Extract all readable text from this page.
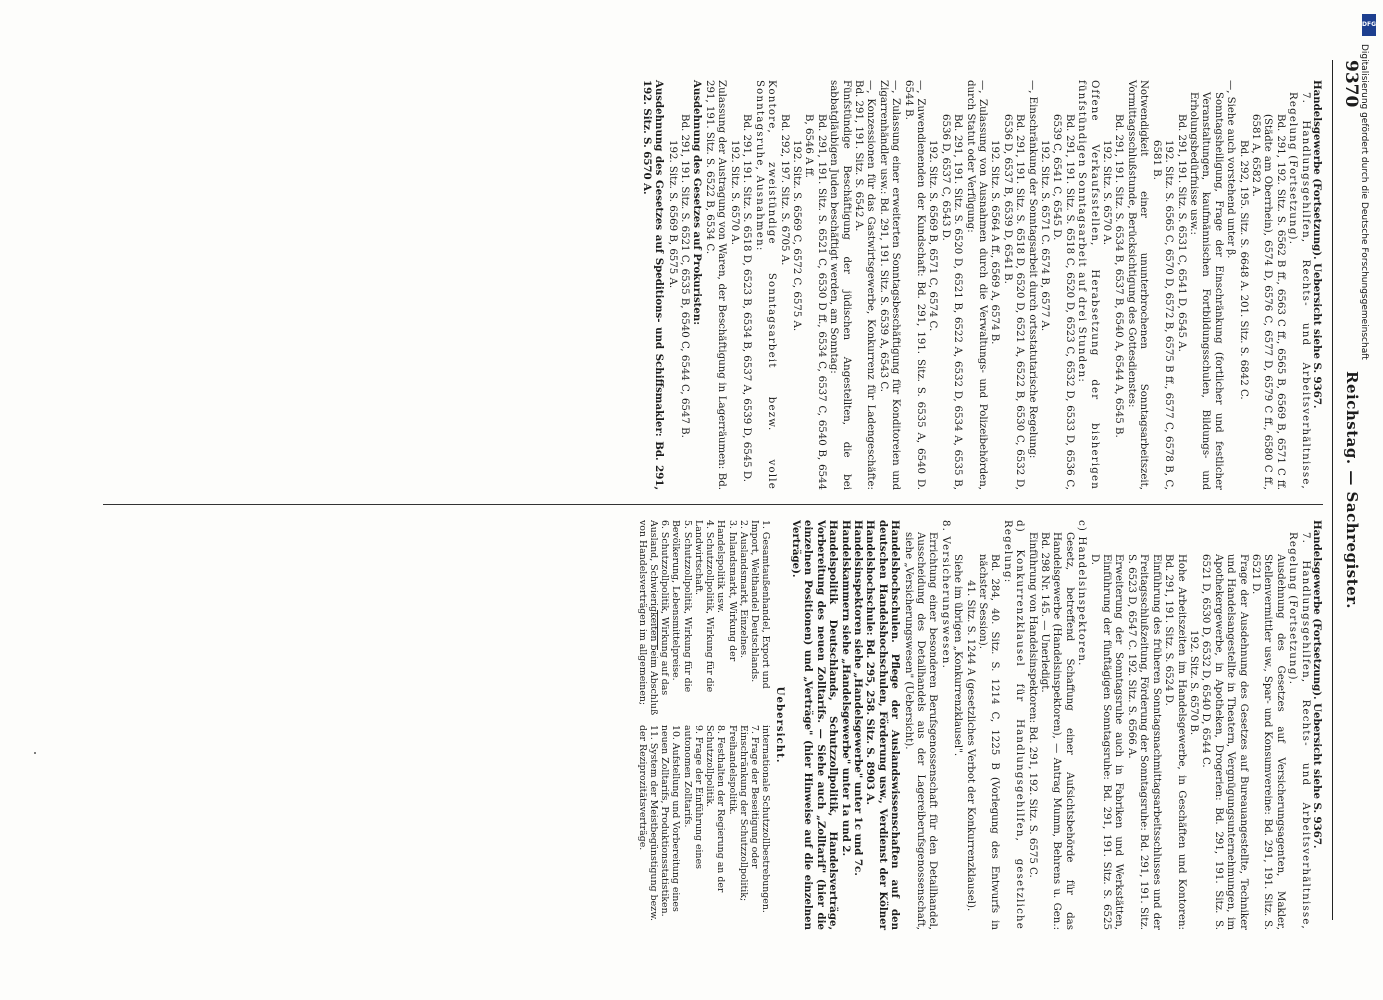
DFG
Digitalisierung gefördert durch die Deutsche Forschungsgemeinschaft
9370
Reichstag. — Sachregister.

Handelsgewerbe (Fortsetzung). Uebersicht siehe S. 9367.

7. Handlungsgehilfen, Rechts- und Arbeitsverhältnisse, Regelung (Fortsetzung).

Bd. 291, 192. Sitz. S. 6562 B ff., 6563 C ff., 6565 B, 6569 B, 6571 C ff. (Städte am Oberrhein), 6574 D, 6576 C, 6577 D, 6579 C ff., 6580 C ff., 6581 A, 6582 A.

Bd. 292, 195. Sitz. S. 6648 A. 201. Sitz. S. 6842 C.

—, Siehe auch vorstehend unter β.

Sonntagsheiligung, Frage der Einschränkung (fortlicher und festlicher Veranstaltungen, kaufmännischen Fortbildungsschulen, Bildungs- und Erholungsbedürfnisse usw.:

Bd. 291, 191. Sitz. S. 6531 C, 6541 D, 6545 A.

192. Sitz. S. 6565 C, 6570 D, 6572 B, 6575 B ff., 6577 C, 6578 B, C, 6581 B.

Notwendigkeit einer ununterbrochenen Sonntagsarbeitszeit, Vormittagsschlußstunde, Berücksichtigung des Gottesdienstes:

Bd. 291, 191. Sitz. S. 6534 B, 6537 B, 6540 A, 6544 A, 6545 B.

192. Sitz. S. 6570 A.

Offene Verkaufsstellen, Herabsetzung der bisherigen fünfstündigen Sonntagsarbeit auf drei Stunden:

Bd. 291, 191. Sitz. S. 6518 C, 6520 D, 6523 C, 6532 D, 6533 D, 6536 C, 6539 C, 6541 C, 6545 D.

192. Sitz. S. 6571 C. 6574 B, 6577 A.

—, Einschränkung der Sonntagsarbeit durch ortsstatutarische Regelung:

Bd. 291, 191. Sitz. S. 6518 D, 6520 D, 6521 A, 6522 B, 6530 C, 6532 D, 6536 D, 6537 B, 6539 D, 6541 B.

192. Sitz. S. 6564 A ff., 6569 A, 6574 B.

—, Zulassung von Ausnahmen durch die Verwaltungs- und Polizeibehörden, durch Statut oder Verfügung:

Bd. 291, 191. Sitz. S. 6520 D, 6521 B, 6522 A, 6532 D, 6534 A, 6535 B, 6536 D, 6537 C, 6543 D.

192. Sitz. S. 6569 B, 6571 C, 6574 C.

—, Zuwendienenden der Kundschaft: Bd. 291, 191. Sitz. S. 6535 A, 6540 D. 6544 B.

—, Zulassung einer erweiterten Sonntagsbeschäftigung für Konditoreien und Zigarrenhändler usw.: Bd. 291, 191. Sitz. S. 6539 A, 6543 C.

—, Konzessionen für das Gastwirtsgewerbe, Konkurrenz für Ladengeschäfte: Bd. 291, 191. Sitz. S. 6542 A.

Fünfstündige Beschäftigung der jüdischen Angestellten, die bei sabbatgläubigen Juden beschäftigt werden, am Sonntag:

Bd. 291, 191. Sitz. S. 6521 C, 6530 D ff., 6534 C, 6537 C, 6540 B, 6544 B, 6546 A ff.

192. Sitz. S. 6569 C, 6572 C, 6575 A.

Bd. 292, 197. Sitz. S. 6705 A.

Kontore, zweistündige Sonntagsarbeit bezw. volle Sonntagsruhe, Ausnahmen:

Bd. 291, 191. Sitz. S. 6518 D, 6523 B, 6534 B, 6537 A, 6539 D, 6545 D.

192. Sitz. S. 6570 A.

Zulassung der Austragung von Waren, der Beschäftigung in Lagerräumen: Bd. 291, 191. Sitz. S. 6522 B, 6534 C.

Ausdehnung des Gesetzes auf Prokuristen:

Bd. 291, 191. Sitz. S. 6521 C, 6535 B, 6540 C, 6544 C, 6547 B.

192. Sitz. S. 6569 B, 6575 A.

Ausdehnung des Gesetzes auf Speditions- und Schiffsmakler: Bd. 291, 192. Sitz. S. 6570 A.

Handelsgewerbe (Fortsetzung). Uebersicht siehe S. 9367.

7. Handlungsgehilfen, Rechts- und Arbeitsverhältnisse, Regelung (Fortsetzung).

Ausdehnung des Gesetzes auf Versicherungsagenten, Makler, Stellenvermittler usw., Spar- und Konsumvereine: Bd. 291, 191. Sitz. S. 6521 D.

Frage der Ausdehnung des Gesetzes auf Bureauangestellte, Techniker und Handelsangestellte in Theatern, Vergnügungsunternehmungen, im Apothekergewerbe, in Apotheken, Drogerien: Bd. 291, 191. Sitz. S. 6521 D, 6530 D, 6532 D, 6540 D, 6544 C.

192. Sitz. S. 6570 B.

Hohe Arbeitszeiten im Handelsgewerbe, in Geschäften und Kontoren: Bd. 291, 191. Sitz. S. 6524 D.

Einführung des früheren Sonntagsnachmittagsarbeitsschlusses und der Freitagsschlußzeitung, Förderung der Sonntagsruhe: Bd. 291, 191. Sitz. S. 6523 D, 6547 C. 192. Sitz. S. 6566 A.

Erweiterung der Sonntagsruhe auch in Fabriken und Werkstätten, Einführung der fünftägigen Sonntagsruhe: Bd. 291, 191. Sitz. S. 6525 D.

c) Handelsinspektoren.

Gesetz, betreffend Schaffung einer Aufsichtsbehörde für das Handelsgewerbe (Handelsinspektoren), — Antrag Mumm, Behrens u. Gen.: Bd. 298 Nr. 145. — Unerledigt.

Einführung von Handelsinspektoren: Bd. 291, 192. Sitz. S. 6575 C.

d) Konkurrenzklausel für Handlungsgehilfen, gesetzliche Regelung:

Bd. 284, 40. Sitz. S. 1214 C, 1225 B (Vorlegung des Entwurfs in nächster Session).

41. Sitz. S. 1244 A (gesetzliches Verbot der Konkurrenzklausel).

Siehe im übrigen „Konkurrenzklausel".

8. Versicherungswesen.

Errichtung einer besonderen Berufsgenossenschaft für den Detailhandel, Ausscheidung des Detailhandels aus der Lagereiberufsgenossenschaft, siehe „Versicherungswesen" (Uebersicht).

Handelshochschulen. Pflege der Auslandswissenschaften auf den deutschen Handelshochschulen, Förderung usw., Verdienst der Kölner Handelshochschule: Bd. 295, 258. Sitz. S. 8903 A.

Handelsinspektoren siehe „Handelsgewerbe" unter 1c und 7c.

Handelskammern siehe „Handelsgewerbe" unter 1a und 2.

Handelspolitik Deutschlands, Schutzzollpolitik, Handelsverträge, Vorbereitung des neuen Zolltarifs. — Siehe auch „Zolltarif" (hier die einzelnen Positionen) und „Verträge" (hier Hinweise auf die einzelnen Verträge).

Uebersicht.
1. Gesamtaußenhandel, Export und Import, Welthandel Deutschlands.
2. Auslandsmarkt, Einzelnes.
3. Inlandsmarkt, Wirkung der Handelspolitik usw.
4. Schutzzollpolitik, Wirkung für die Landwirtschaft.
5. Schutzzollpolitik, Wirkung für die Bevölkerung, Lebensmittelpreise.
6. Schutzzollpolitik, Wirkung auf das Ausland, Schwierigkeiten beim Abschluß von Handelsverträgen im allgemeinen;
internationale Schutzzollbestrebungen.
7. Frage der Beseitigung oder Einschränkung der Schutzzollpolitik; Freihandelspolitik.
8. Festhalten der Regierung an der Schutzzollpolitik.
9. Frage der Einführung eines autonomen Zolltarifs.
10. Aufstellung und Vorbereitung eines neuen Zolltarifs, Produktionsstatistiken.
11. System der Meistbegünstigung bezw. der Reziprozitätsverträge.
